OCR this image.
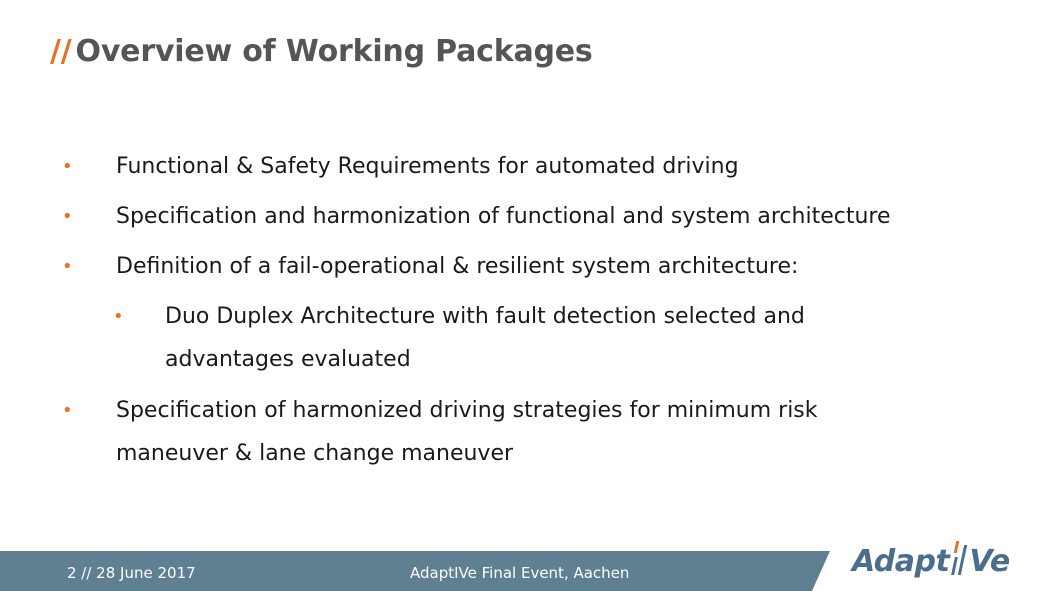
// Overview of Working Packages
• Functional & Safety Requirements for automated driving
• Specification and harmonization of functional and system architecture
• Definition of a fail-operational & resilient system architecture:
• Duo Duplex Architecture with fault detection selected and
advantages evaluated
• Specification of harmonized driving strategies for minimum risk
maneuver & lane change maneuver
2 // 28 June 2017	AdaptIVe Final Event, Aachen	Adapt Ve
